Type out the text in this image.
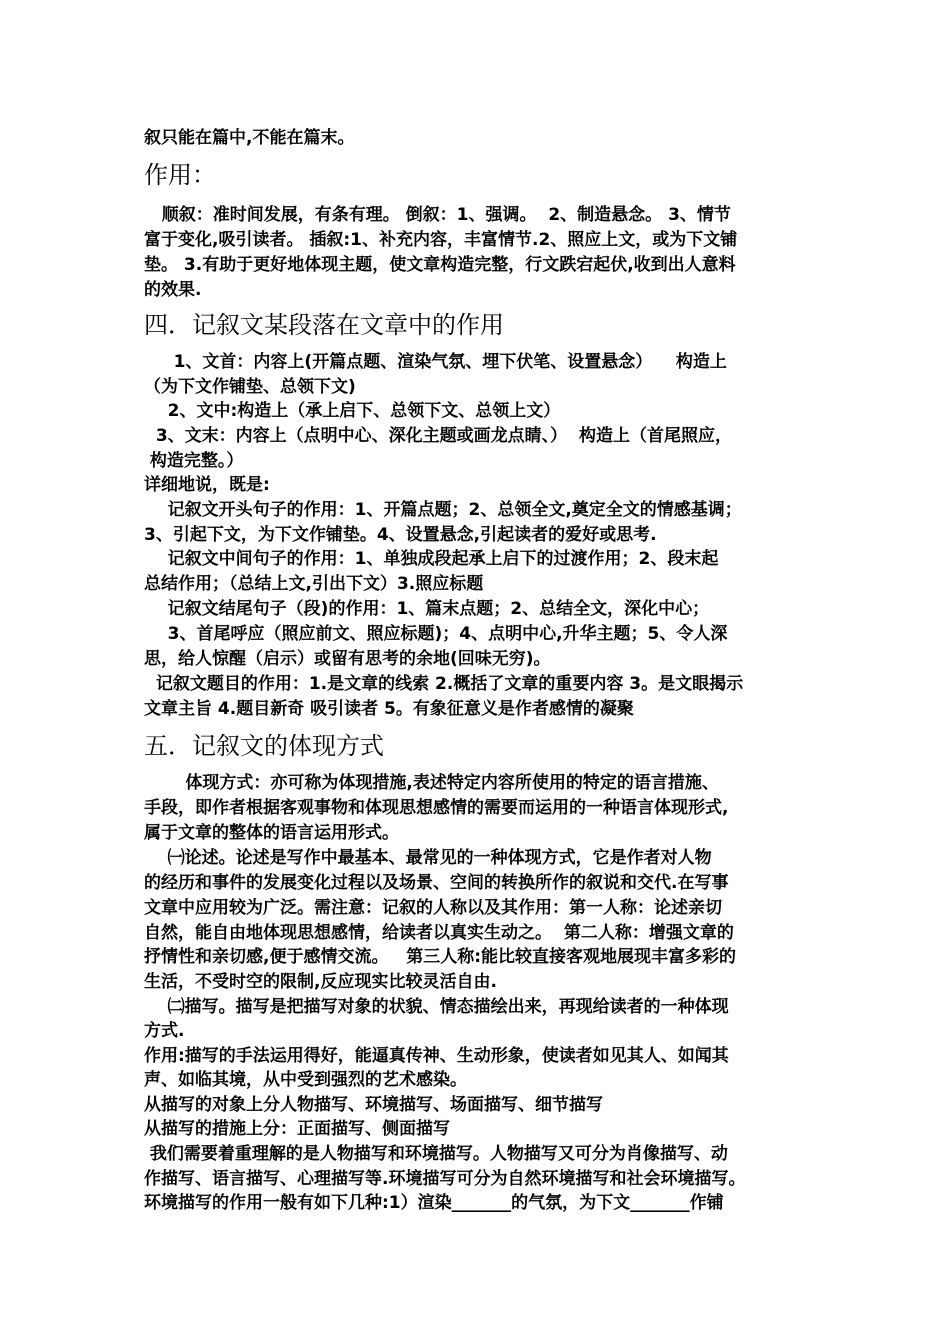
叙只能在篇中,不能在篇末。
作用：
顺叙：准时间发展，有条有理。 倒叙：1、强调。  2、制造悬念。 3、情节
富于变化,吸引读者。 插叙:1、补充内容，丰富情节.2、照应上文，或为下文铺
垫。 3.有助于更好地体现主题，使文章构造完整，行文跌宕起伏,收到出人意料
的效果.
四．记叙文某段落在文章中的作用
1、文首：内容上(开篇点题、渲染气氛、埋下伏笔、设置悬念）    构造上
（为下文作铺垫、总领下文)
2、文中:构造上（承上启下、总领下文、总领上文）
3、文末：内容上（点明中心、深化主题或画龙点睛、）  构造上（首尾照应，
构造完整。）
详细地说，既是:
记叙文开头句子的作用：1、开篇点题；2、总领全文,奠定全文的情感基调；
3、引起下文，为下文作铺垫。4、设置悬念,引起读者的爱好或思考.
记叙文中间句子的作用：1、单独成段起承上启下的过渡作用；2、段末起
总结作用；（总结上文,引出下文）3.照应标题
记叙文结尾句子（段)的作用：1、篇末点题；2、总结全文，深化中心；
3、首尾呼应（照应前文、照应标题)；4、点明中心,升华主题；5、令人深
思，给人惊醒（启示）或留有思考的余地(回味无穷)。
记叙文题目的作用：1.是文章的线索 2.概括了文章的重要内容 3。是文眼揭示
文章主旨 4.题目新奇 吸引读者 5。有象征意义是作者感情的凝聚
五．记叙文的体现方式
体现方式：亦可称为体现措施,表述特定内容所使用的特定的语言措施、
手段，即作者根据客观事物和体现思想感情的需要而运用的一种语言体现形式,
属于文章的整体的语言运用形式。
㈠论述。论述是写作中最基本、最常见的一种体现方式，它是作者对人物
的经历和事件的发展变化过程以及场景、空间的转换所作的叙说和交代.在写事
文章中应用较为广泛。需注意：记叙的人称以及其作用：第一人称：论述亲切
自然，能自由地体现思想感情，给读者以真实生动之。  第二人称：增强文章的
抒情性和亲切感,便于感情交流。   第三人称:能比较直接客观地展现丰富多彩的
生活，不受时空的限制,反应现实比较灵活自由.
㈡描写。描写是把描写对象的状貌、情态描绘出来，再现给读者的一种体现
方式.
作用:描写的手法运用得好，能逼真传神、生动形象，使读者如见其人、如闻其
声、如临其境，从中受到强烈的艺术感染。
从描写的对象上分人物描写、环境描写、场面描写、细节描写
从描写的措施上分：正面描写、侧面描写
我们需要着重理解的是人物描写和环境描写。人物描写又可分为肖像描写、动
作描写、语言描写、心理描写等.环境描写可分为自然环境描写和社会环境描写。
环境描写的作用一般有如下几种:1）渲染_______的气氛，为下文_______作铺
